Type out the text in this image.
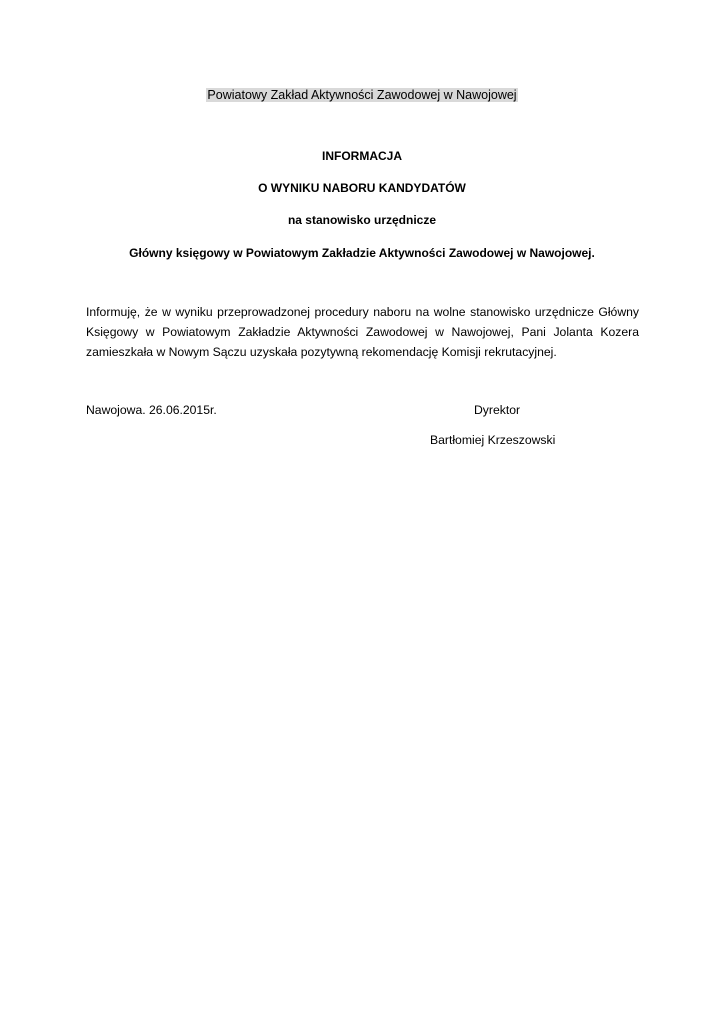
Powiatowy Zakład Aktywności Zawodowej w Nawojowej
INFORMACJA
O WYNIKU NABORU KANDYDATÓW
na stanowisko urzędnicze
Główny księgowy w Powiatowym Zakładzie Aktywności Zawodowej w Nawojowej.
Informuję, że w wyniku przeprowadzonej procedury naboru na wolne stanowisko urzędnicze Główny Księgowy w Powiatowym Zakładzie Aktywności Zawodowej w Nawojowej, Pani Jolanta Kozera zamieszkała w Nowym Sączu uzyskała pozytywną rekomendację Komisji rekrutacyjnej.
Nawojowa. 26.06.2015r.	Dyrektor
Bartłomiej Krzeszowski
